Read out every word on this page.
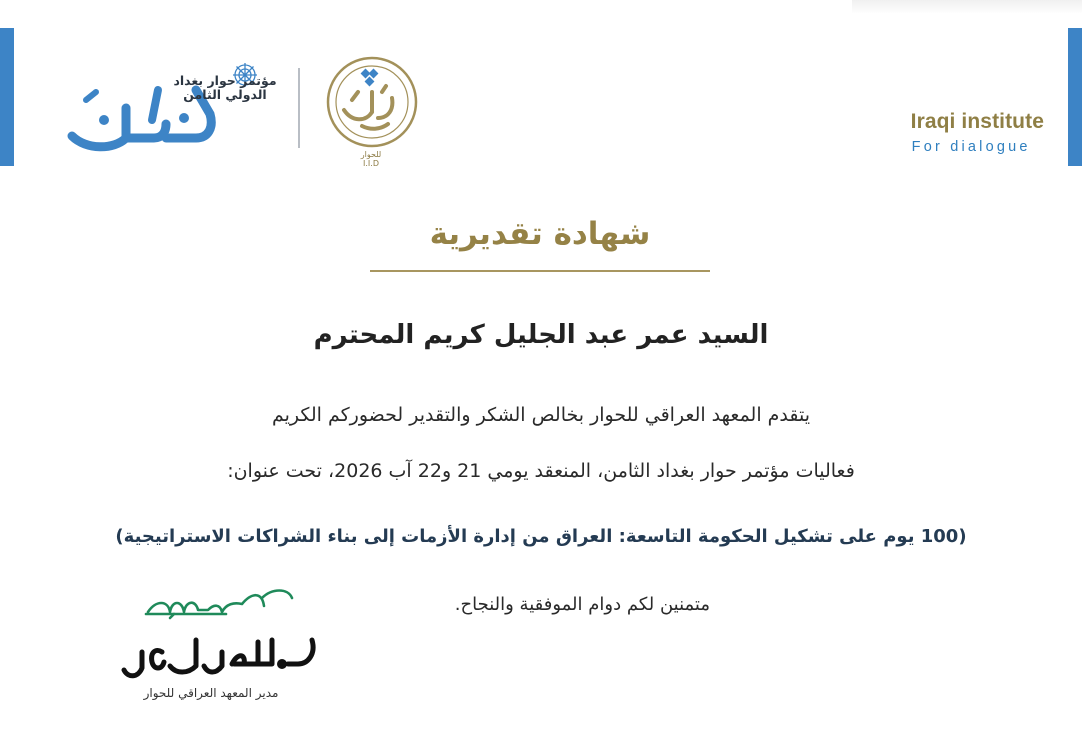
مؤتمر حوار بغداد
الدولي الثامن
للحوار
I.I.D
Iraqi institute
For dialogue
شهادة تقديرية
السيد عمر عبد الجليل كريم المحترم
يتقدم المعهد العراقي للحوار بخالص الشكر والتقدير لحضوركم الكريم
فعاليات مؤتمر حوار بغداد الثامن، المنعقد يومي 21 و22 آب 2026، تحت عنوان:
(100 يوم على تشكيل الحكومة التاسعة: العراق من إدارة الأزمات إلى بناء الشراكات الاستراتيجية)
متمنين لكم دوام الموفقية والنجاح.
مدير المعهد العراقي للحوار
